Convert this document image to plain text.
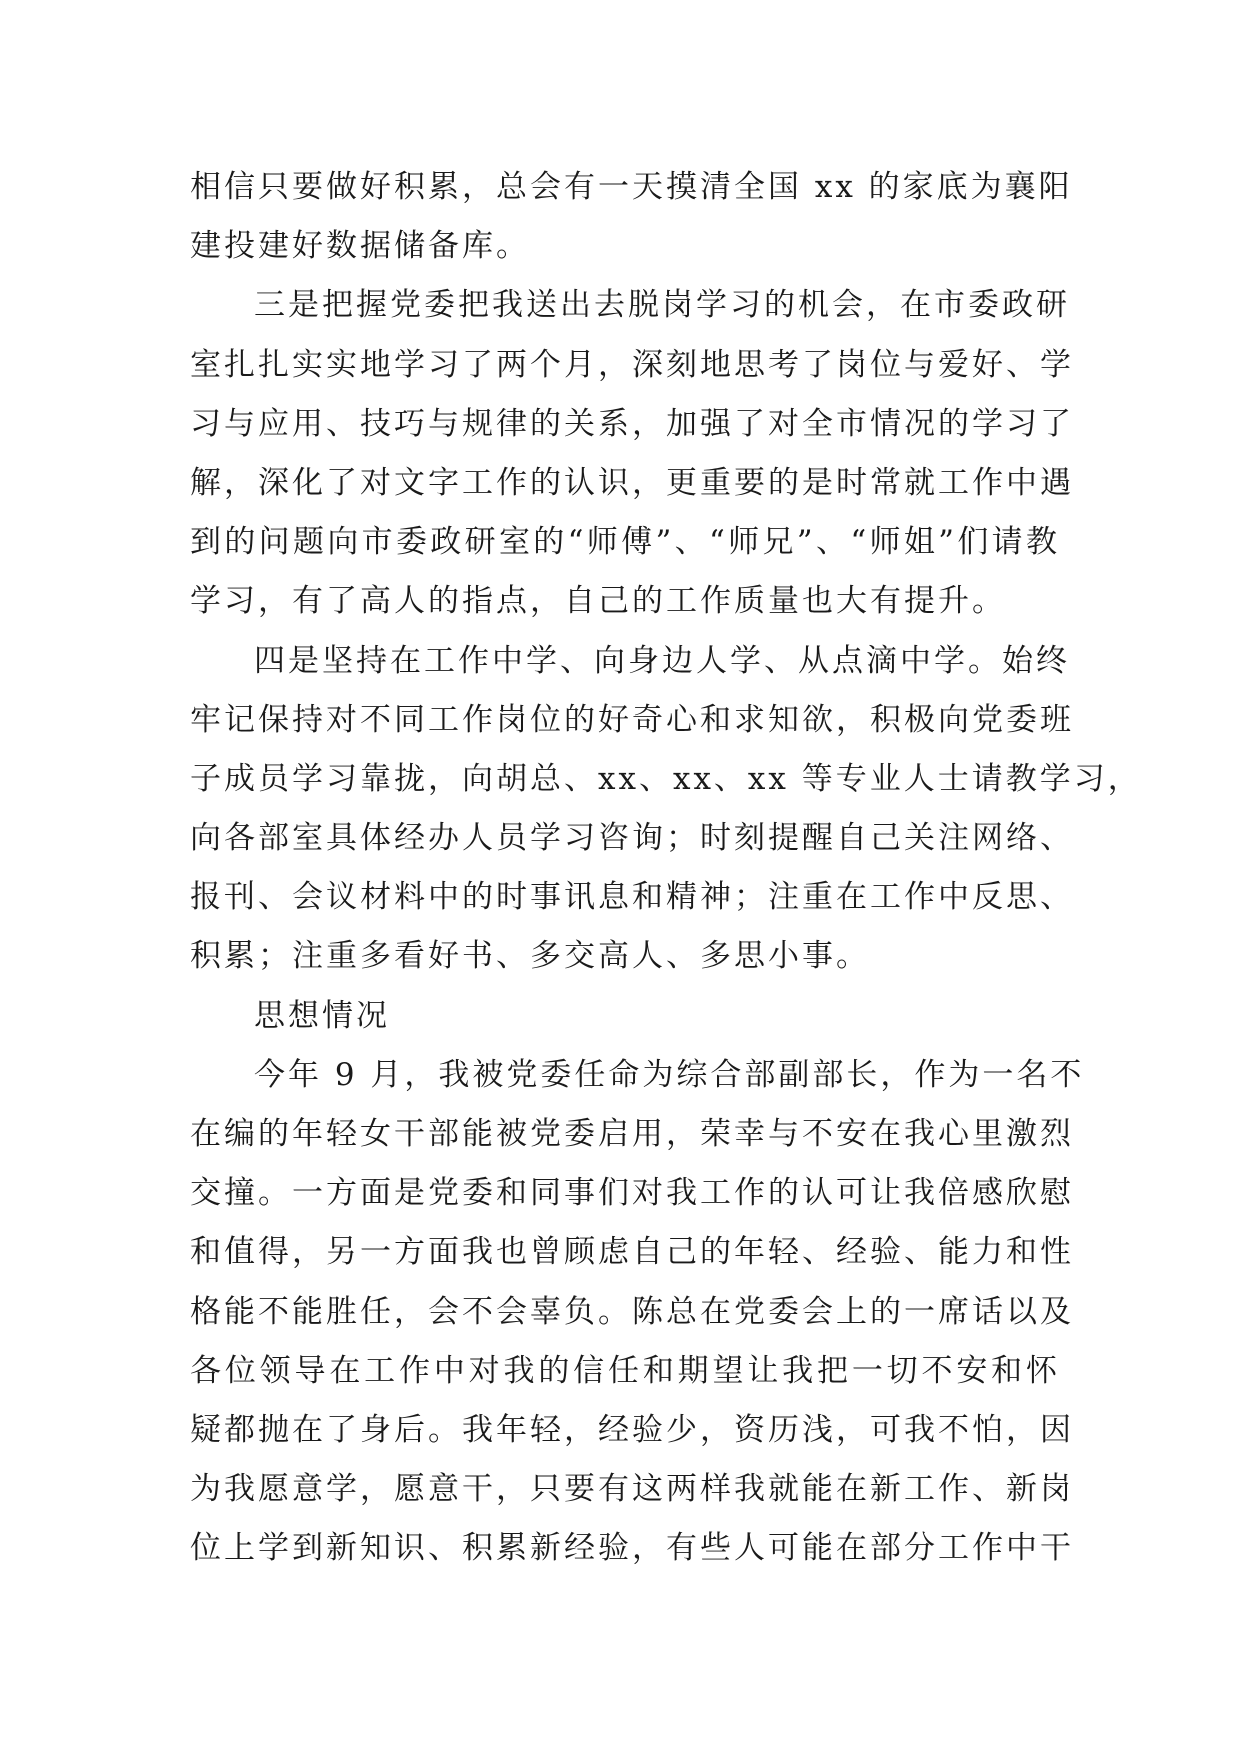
相信只要做好积累，总会有一天摸清全国 xx 的家底为襄阳
建投建好数据储备库。
三是把握党委把我送出去脱岗学习的机会，在市委政研
室扎扎实实地学习了两个月，深刻地思考了岗位与爱好、学
习与应用、技巧与规律的关系，加强了对全市情况的学习了
解，深化了对文字工作的认识，更重要的是时常就工作中遇
到的问题向市委政研室的“师傅”、“师兄”、“师姐”们请教
学习，有了高人的指点，自己的工作质量也大有提升。
四是坚持在工作中学、向身边人学、从点滴中学。始终
牢记保持对不同工作岗位的好奇心和求知欲，积极向党委班
子成员学习靠拢，向胡总、xx、xx、xx 等专业人士请教学习，
向各部室具体经办人员学习咨询；时刻提醒自己关注网络、
报刊、会议材料中的时事讯息和精神；注重在工作中反思、
积累；注重多看好书、多交高人、多思小事。
思想情况
今年 9 月，我被党委任命为综合部副部长，作为一名不
在编的年轻女干部能被党委启用，荣幸与不安在我心里激烈
交撞。一方面是党委和同事们对我工作的认可让我倍感欣慰
和值得，另一方面我也曾顾虑自己的年轻、经验、能力和性
格能不能胜任，会不会辜负。陈总在党委会上的一席话以及
各位领导在工作中对我的信任和期望让我把一切不安和怀
疑都抛在了身后。我年轻，经验少，资历浅，可我不怕，因
为我愿意学，愿意干，只要有这两样我就能在新工作、新岗
位上学到新知识、积累新经验，有些人可能在部分工作中干
